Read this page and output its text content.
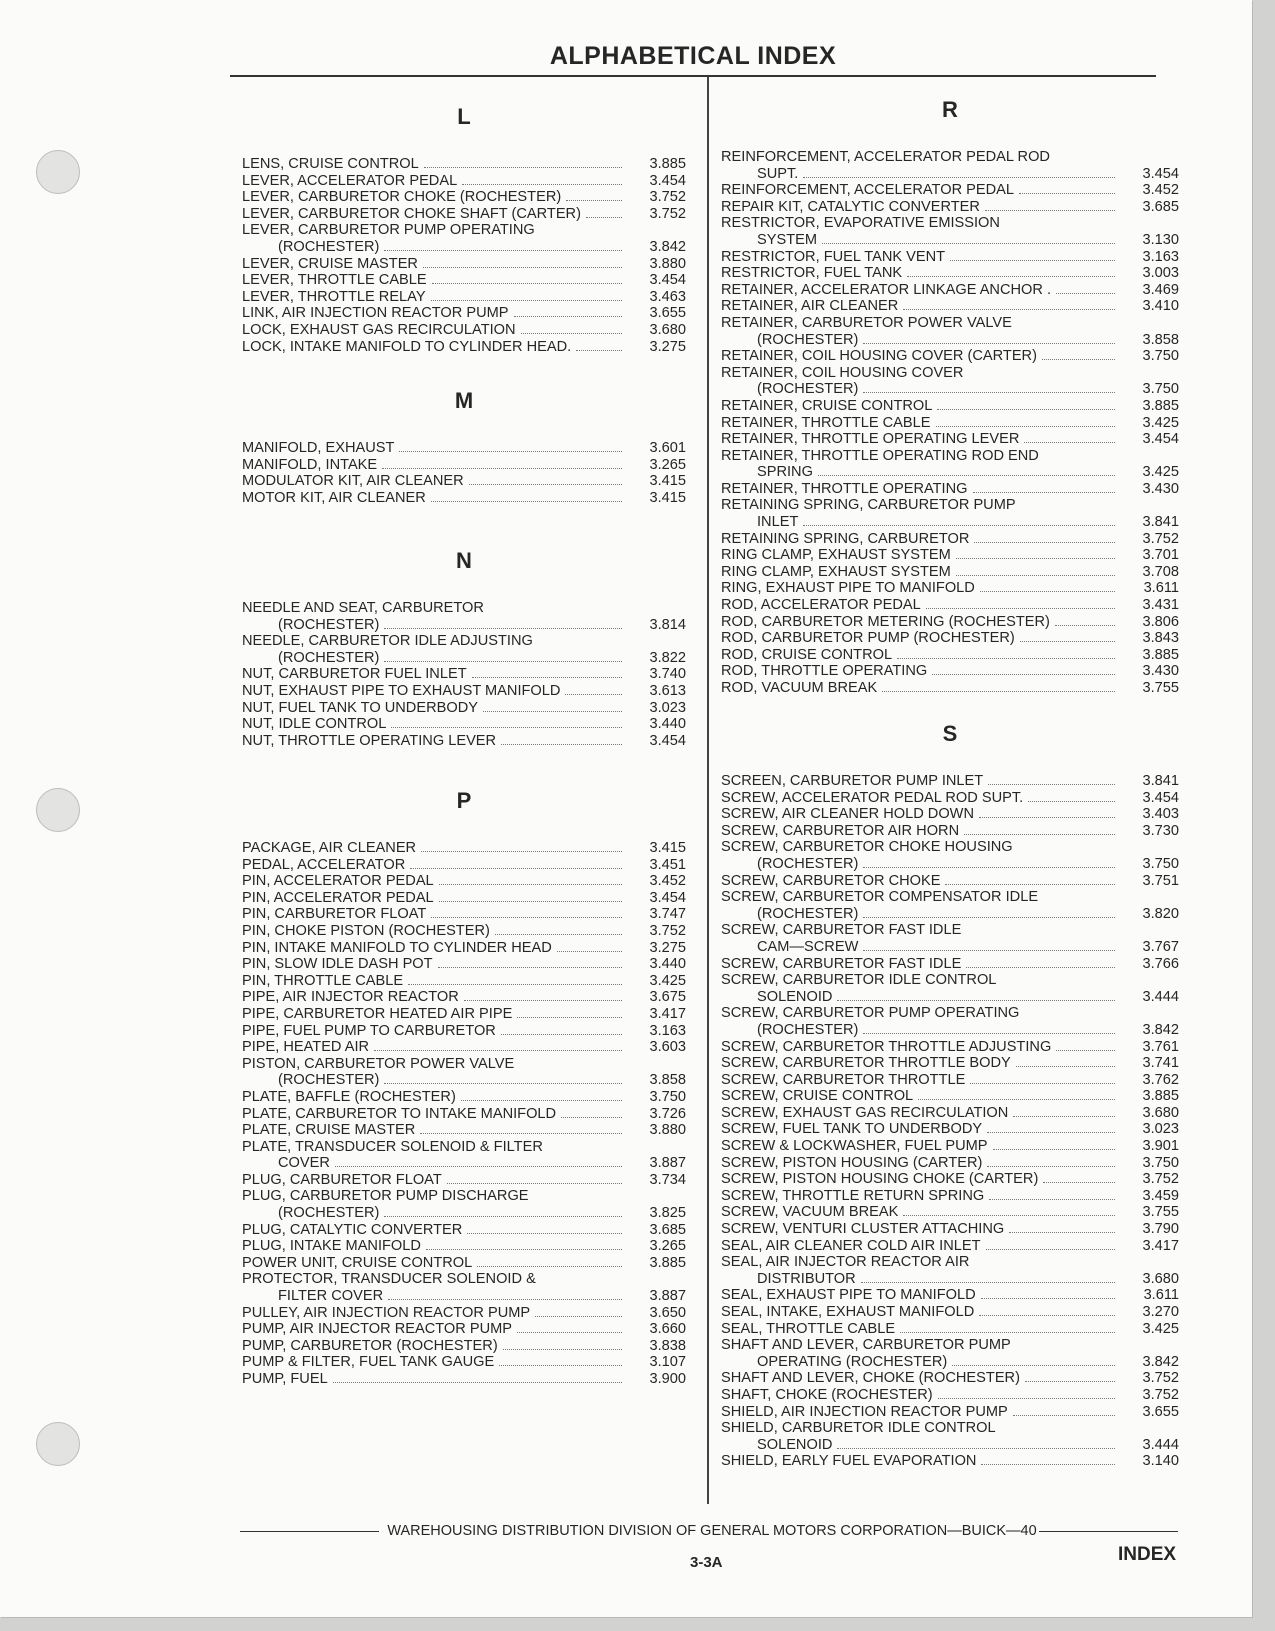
ALPHABETICAL INDEX
L
LENS, CRUISE CONTROL	3.885
LEVER, ACCELERATOR PEDAL	3.454
LEVER, CARBURETOR CHOKE (ROCHESTER)	3.752
LEVER, CARBURETOR CHOKE SHAFT (CARTER)	3.752
LEVER, CARBURETOR PUMP OPERATING
(ROCHESTER)	3.842
LEVER, CRUISE MASTER	3.880
LEVER, THROTTLE CABLE	3.454
LEVER, THROTTLE RELAY	3.463
LINK, AIR INJECTION REACTOR PUMP	3.655
LOCK, EXHAUST GAS RECIRCULATION	3.680
LOCK, INTAKE MANIFOLD TO CYLINDER HEAD.	3.275
M
MANIFOLD, EXHAUST	3.601
MANIFOLD, INTAKE	3.265
MODULATOR KIT, AIR CLEANER	3.415
MOTOR KIT, AIR CLEANER	3.415
N
NEEDLE AND SEAT, CARBURETOR
(ROCHESTER)	3.814
NEEDLE, CARBURETOR IDLE ADJUSTING
(ROCHESTER)	3.822
NUT, CARBURETOR FUEL INLET	3.740
NUT, EXHAUST PIPE TO EXHAUST MANIFOLD	3.613
NUT, FUEL TANK TO UNDERBODY	3.023
NUT, IDLE CONTROL	3.440
NUT, THROTTLE OPERATING LEVER	3.454
P
PACKAGE, AIR CLEANER	3.415
PEDAL, ACCELERATOR	3.451
PIN, ACCELERATOR PEDAL	3.452
PIN, ACCELERATOR PEDAL	3.454
PIN, CARBURETOR FLOAT	3.747
PIN, CHOKE PISTON (ROCHESTER)	3.752
PIN, INTAKE MANIFOLD TO CYLINDER HEAD	3.275
PIN, SLOW IDLE DASH POT	3.440
PIN, THROTTLE CABLE	3.425
PIPE, AIR INJECTOR REACTOR	3.675
PIPE, CARBURETOR HEATED AIR PIPE	3.417
PIPE, FUEL PUMP TO CARBURETOR	3.163
PIPE, HEATED AIR	3.603
PISTON, CARBURETOR POWER VALVE
(ROCHESTER)	3.858
PLATE, BAFFLE (ROCHESTER)	3.750
PLATE, CARBURETOR TO INTAKE MANIFOLD	3.726
PLATE, CRUISE MASTER	3.880
PLATE, TRANSDUCER SOLENOID & FILTER
COVER	3.887
PLUG, CARBURETOR FLOAT	3.734
PLUG, CARBURETOR PUMP DISCHARGE
(ROCHESTER)	3.825
PLUG, CATALYTIC CONVERTER	3.685
PLUG, INTAKE MANIFOLD	3.265
POWER UNIT, CRUISE CONTROL	3.885
PROTECTOR, TRANSDUCER SOLENOID &
FILTER COVER	3.887
PULLEY, AIR INJECTION REACTOR PUMP	3.650
PUMP, AIR INJECTOR REACTOR PUMP	3.660
PUMP, CARBURETOR (ROCHESTER)	3.838
PUMP & FILTER, FUEL TANK GAUGE	3.107
PUMP, FUEL	3.900
R
REINFORCEMENT, ACCELERATOR PEDAL ROD
SUPT.	3.454
REINFORCEMENT, ACCELERATOR PEDAL	3.452
REPAIR KIT, CATALYTIC CONVERTER	3.685
RESTRICTOR, EVAPORATIVE EMISSION
SYSTEM	3.130
RESTRICTOR, FUEL TANK VENT	3.163
RESTRICTOR, FUEL TANK	3.003
RETAINER, ACCELERATOR LINKAGE ANCHOR .	3.469
RETAINER, AIR CLEANER	3.410
RETAINER, CARBURETOR POWER VALVE
(ROCHESTER)	3.858
RETAINER, COIL HOUSING COVER (CARTER)	3.750
RETAINER, COIL HOUSING COVER
(ROCHESTER)	3.750
RETAINER, CRUISE CONTROL	3.885
RETAINER, THROTTLE CABLE	3.425
RETAINER, THROTTLE OPERATING LEVER	3.454
RETAINER, THROTTLE OPERATING ROD END
SPRING	3.425
RETAINER, THROTTLE OPERATING	3.430
RETAINING SPRING, CARBURETOR PUMP
INLET	3.841
RETAINING SPRING, CARBURETOR	3.752
RING CLAMP, EXHAUST SYSTEM	3.701
RING CLAMP, EXHAUST SYSTEM	3.708
RING, EXHAUST PIPE TO MANIFOLD	3.611
ROD, ACCELERATOR PEDAL	3.431
ROD, CARBURETOR METERING (ROCHESTER)	3.806
ROD, CARBURETOR PUMP (ROCHESTER)	3.843
ROD, CRUISE CONTROL	3.885
ROD, THROTTLE OPERATING	3.430
ROD, VACUUM BREAK	3.755
S
SCREEN, CARBURETOR PUMP INLET	3.841
SCREW, ACCELERATOR PEDAL ROD SUPT.	3.454
SCREW, AIR CLEANER HOLD DOWN	3.403
SCREW, CARBURETOR AIR HORN	3.730
SCREW, CARBURETOR CHOKE HOUSING
(ROCHESTER)	3.750
SCREW, CARBURETOR CHOKE	3.751
SCREW, CARBURETOR COMPENSATOR IDLE
(ROCHESTER)	3.820
SCREW, CARBURETOR FAST IDLE
CAM—SCREW	3.767
SCREW, CARBURETOR FAST IDLE	3.766
SCREW, CARBURETOR IDLE CONTROL
SOLENOID	3.444
SCREW, CARBURETOR PUMP OPERATING
(ROCHESTER)	3.842
SCREW, CARBURETOR THROTTLE ADJUSTING	3.761
SCREW, CARBURETOR THROTTLE BODY	3.741
SCREW, CARBURETOR THROTTLE	3.762
SCREW, CRUISE CONTROL	3.885
SCREW, EXHAUST GAS RECIRCULATION	3.680
SCREW, FUEL TANK TO UNDERBODY	3.023
SCREW & LOCKWASHER, FUEL PUMP	3.901
SCREW, PISTON HOUSING (CARTER)	3.750
SCREW, PISTON HOUSING CHOKE (CARTER)	3.752
SCREW, THROTTLE RETURN SPRING	3.459
SCREW, VACUUM BREAK	3.755
SCREW, VENTURI CLUSTER ATTACHING	3.790
SEAL, AIR CLEANER COLD AIR INLET	3.417
SEAL, AIR INJECTOR REACTOR AIR
DISTRIBUTOR	3.680
SEAL, EXHAUST PIPE TO MANIFOLD	3.611
SEAL, INTAKE, EXHAUST MANIFOLD	3.270
SEAL, THROTTLE CABLE	3.425
SHAFT AND LEVER, CARBURETOR PUMP
OPERATING (ROCHESTER)	3.842
SHAFT AND LEVER, CHOKE (ROCHESTER)	3.752
SHAFT, CHOKE (ROCHESTER)	3.752
SHIELD, AIR INJECTION REACTOR PUMP	3.655
SHIELD, CARBURETOR IDLE CONTROL
SOLENOID	3.444
SHIELD, EARLY FUEL EVAPORATION	3.140
WAREHOUSING DISTRIBUTION DIVISION OF GENERAL MOTORS CORPORATION—BUICK—40
3-3A	INDEX
